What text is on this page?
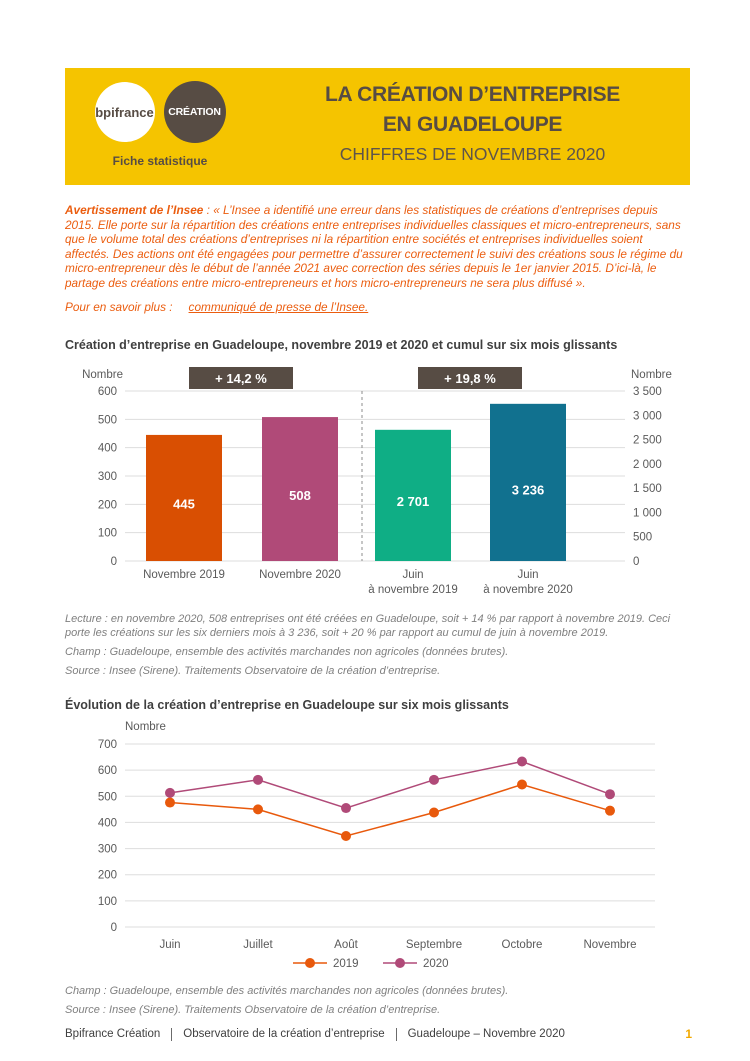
bpifrance CRÉATION
Fiche statistique
LA CRÉATION D’ENTREPRISE
EN GUADELOUPE
CHIFFRES DE NOVEMBRE 2020

Avertissement de l’Insee : « L’Insee a identifié une erreur dans les statistiques de créations d’entreprises depuis 2015. Elle porte sur la répartition des créations entre entreprises individuelles classiques et micro-entrepreneurs, sans que le volume total des créations d’entreprises ni la répartition entre sociétés et entreprises individuelles soient affectés. Des actions ont été engagées pour permettre d’assurer correctement le suivi des créations sous le régime du micro-entrepreneur dès le début de l’année 2021 avec correction des séries depuis le 1er janvier 2015. D’ici-là, le partage des créations entre micro-entrepreneurs et hors micro-entrepreneurs ne sera plus diffusé ».

Pour en savoir plus : communiqué de presse de l’Insee.

Création d’entreprise en Guadeloupe, novembre 2019 et 2020 et cumul sur six mois glissants
Nombre	Nombre
0
100
200
300
400
500
600
0
500
1 000
1 500
2 000
2 500
3 000
3 500
445
Novembre 2019
508
Novembre 2020
2 701
Juin
à novembre 2019
3 236
Juin
à novembre 2020
+ 14,2 %	+ 19,8 %

Lecture : en novembre 2020, 508 entreprises ont été créées en Guadeloupe, soit + 14 % par rapport à novembre 2019. Ceci porte les créations sur les six derniers mois à 3 236, soit + 20 % par rapport au cumul de juin à novembre 2019.

Champ : Guadeloupe, ensemble des activités marchandes non agricoles (données brutes).

Source : Insee (Sirene). Traitements Observatoire de la création d’entreprise.

Évolution de la création d’entreprise en Guadeloupe sur six mois glissants
Nombre
0
100
200
300
400
500
600
700
Juin	Juillet	Août	Septembre	Octobre	Novembre
2019	2020

Champ : Guadeloupe, ensemble des activités marchandes non agricoles (données brutes).

Source : Insee (Sirene). Traitements Observatoire de la création d’entreprise.

Bpifrance Création Observatoire de la création d’entreprise Guadeloupe – Novembre 2020	1
